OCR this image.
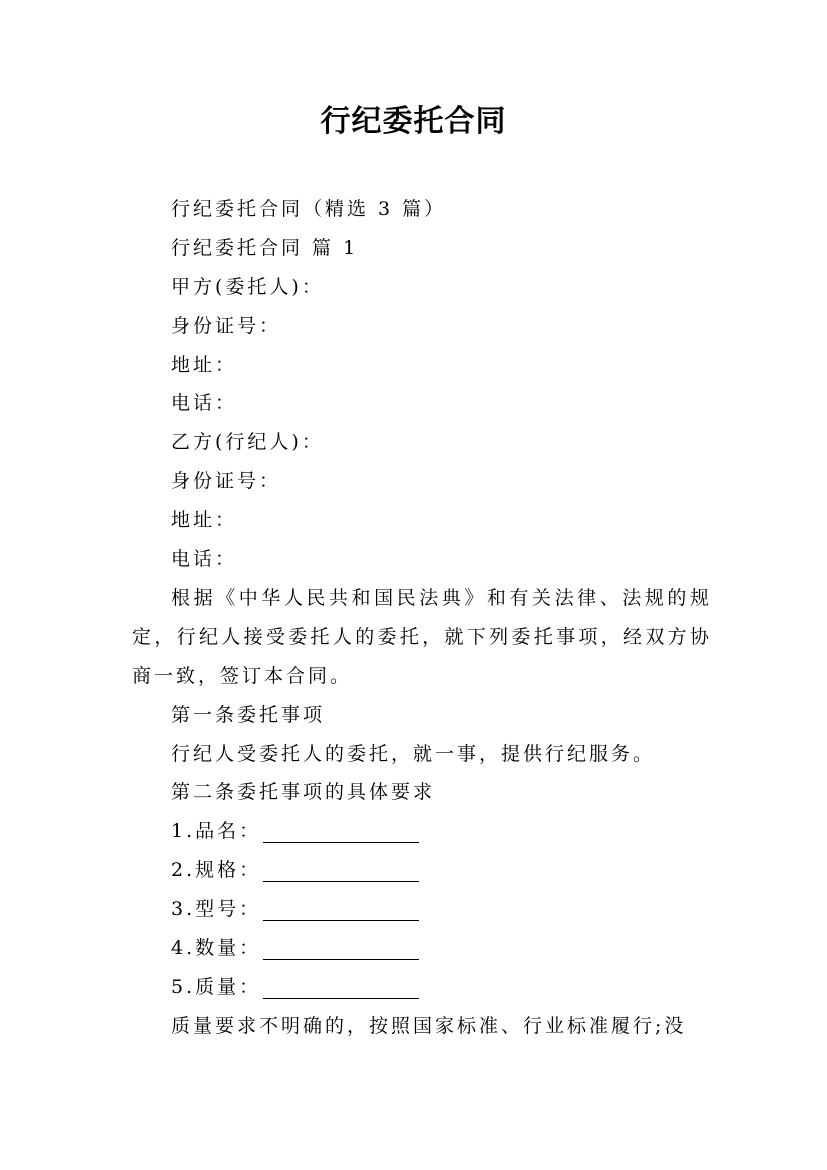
行纪委托合同
行纪委托合同（精选 3 篇）
行纪委托合同 篇 1
甲方(委托人)：
身份证号：
地址：
电话：
乙方(行纪人)：
身份证号：
地址：
电话：
根据《中华人民共和国民法典》和有关法律、法规的规定，行纪人接受委托人的委托，就下列委托事项，经双方协商一致，签订本合同。
第一条委托事项
行纪人受委托人的委托，就一事，提供行纪服务。
第二条委托事项的具体要求
1.品名：
2.规格：
3.型号：
4.数量：
5.质量：
质量要求不明确的，按照国家标准、行业标准履行;没
